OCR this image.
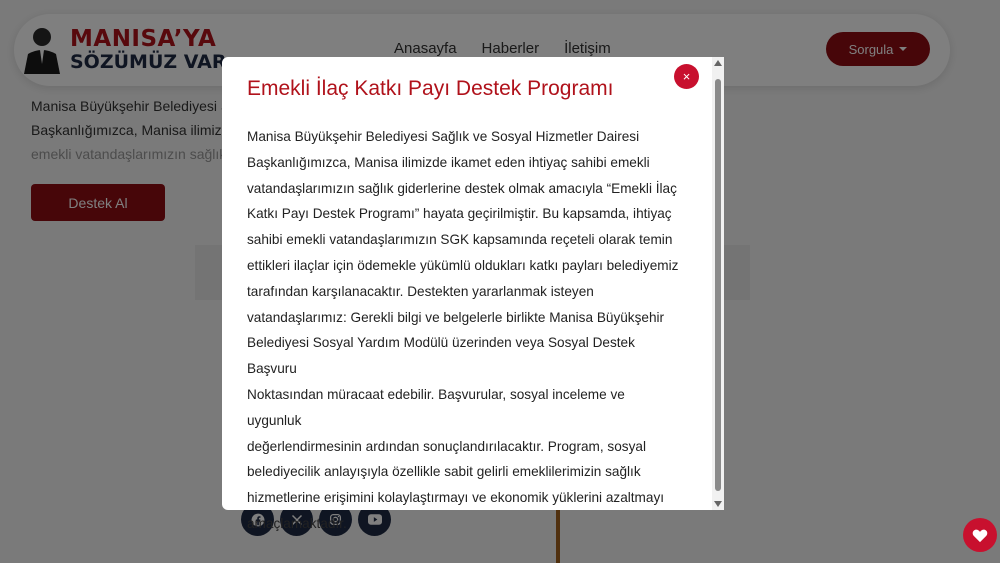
Emekli İlaç Katkı Payı Destek Programı
×
Manisa Büyükşehir Belediyesi Sağlık ve Sosyal Hizmetler Dairesi
Başkanlığımızca, Manisa ilimizde ikamet eden ihtiyaç sahibi emekli
vatandaşlarımızın sağlık giderlerine destek olmak amacıyla “Emekli İlaç
Katkı Payı Destek Programı” hayata geçirilmiştir. Bu kapsamda, ihtiyaç
sahibi emekli vatandaşlarımızın SGK kapsamında reçeteli olarak temin
ettikleri ilaçlar için ödemekle yükümlü oldukları katkı payları belediyemiz
tarafından karşılanacaktır. Destekten yararlanmak isteyen
vatandaşlarımız: Gerekli bilgi ve belgelerle birlikte Manisa Büyükşehir
Belediyesi Sosyal Yardım Modülü üzerinden veya Sosyal Destek Başvuru
Noktasından müracaat edebilir. Başvurular, sosyal inceleme ve uygunluk
değerlendirmesinin ardından sonuçlandırılacaktır. Program, sosyal
belediyecilik anlayışıyla özellikle sabit gelirli emeklilerimizin sağlık
hizmetlerine erişimini kolaylaştırmayı ve ekonomik yüklerini azaltmayı
amaçlamaktadır.
